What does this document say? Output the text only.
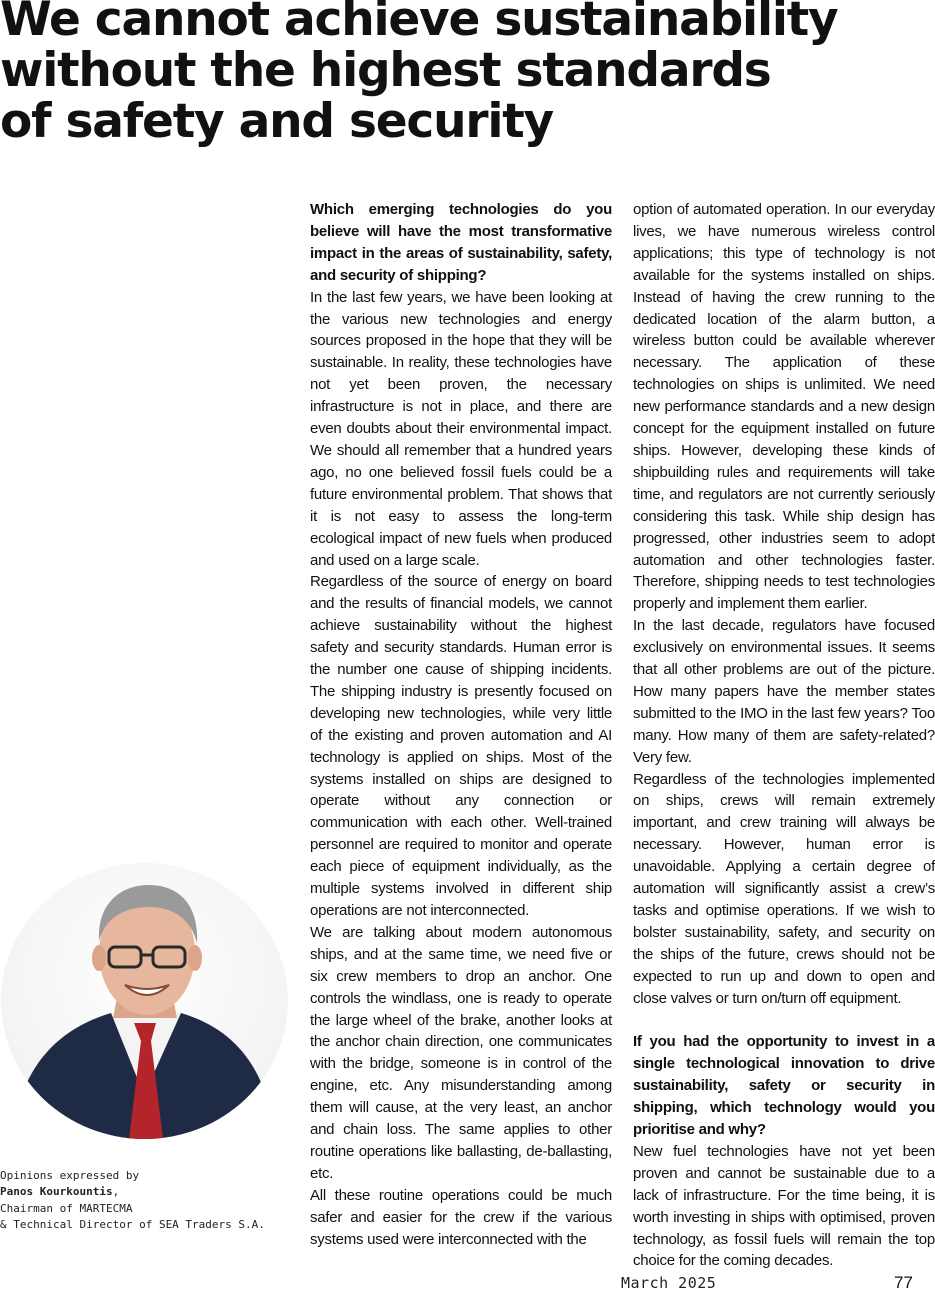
We cannot achieve sustainability
without the highest standards
of safety and security

Which emerging technologies do you believe will have the most transformative impact in the areas of sustainability, safety, and security of shipping?

In the last few years, we have been looking at the various new technologies and energy sources proposed in the hope that they will be sustainable. In reality, these technologies have not yet been proven, the necessary infrastructure is not in place, and there are even doubts about their environmental impact. We should all remember that a hundred years ago, no one believed fossil fuels could be a future environmental problem. That shows that it is not easy to assess the long-term ecological impact of new fuels when produced and used on a large scale.

Regardless of the source of energy on board and the results of financial models, we cannot achieve sustainability without the highest safety and security standards. Human error is the number one cause of shipping incidents. The shipping industry is presently focused on developing new technologies, while very little of the existing and proven automation and AI technology is applied on ships. Most of the systems installed on ships are designed to operate without any connection or communication with each other. Well-trained personnel are required to monitor and operate each piece of equipment individually, as the multiple systems involved in different ship operations are not interconnected.

We are talking about modern autonomous ships, and at the same time, we need five or six crew members to drop an anchor. One controls the windlass, one is ready to operate the large wheel of the brake, another looks at the anchor chain direction, one communicates with the bridge, someone is in control of the engine, etc. Any misunderstanding among them will cause, at the very least, an anchor and chain loss. The same applies to other routine operations like ballasting, de-ballasting, etc.

All these routine operations could be much safer and easier for the crew if the various systems used were interconnected with the

option of automated operation. In our everyday lives, we have numerous wireless control applications; this type of technology is not available for the systems installed on ships. Instead of having the crew running to the dedicated location of the alarm button, a wireless button could be available wherever necessary. The application of these technologies on ships is unlimited. We need new performance standards and a new design concept for the equipment installed on future ships. However, developing these kinds of shipbuilding rules and requirements will take time, and regulators are not currently seriously considering this task. While ship design has progressed, other industries seem to adopt automation and other technologies faster. Therefore, shipping needs to test technologies properly and implement them earlier.

In the last decade, regulators have focused exclusively on environmental issues. It seems that all other problems are out of the picture. How many papers have the member states submitted to the IMO in the last few years? Too many. How many of them are safety-related? Very few.

Regardless of the technologies implemented on ships, crews will remain extremely important, and crew training will always be necessary. However, human error is unavoidable. Applying a certain degree of automation will significantly assist a crew’s tasks and optimise operations. If we wish to bolster sustainability, safety, and security on the ships of the future, crews should not be expected to run up and down to open and close valves or turn on/turn off equipment.

If you had the opportunity to invest in a single technological innovation to drive sustainability, safety or security in shipping, which technology would you prioritise and why?

New fuel technologies have not yet been proven and cannot be sustainable due to a lack of infrastructure. For the time being, it is worth investing in ships with optimised, proven technology, as fossil fuels will remain the top choice for the coming decades.

Opinions expressed by
Panos Kourkountis,
Chairman of MARTECMA
& Technical Director of SEA Traders S.A.
March 2025	77
